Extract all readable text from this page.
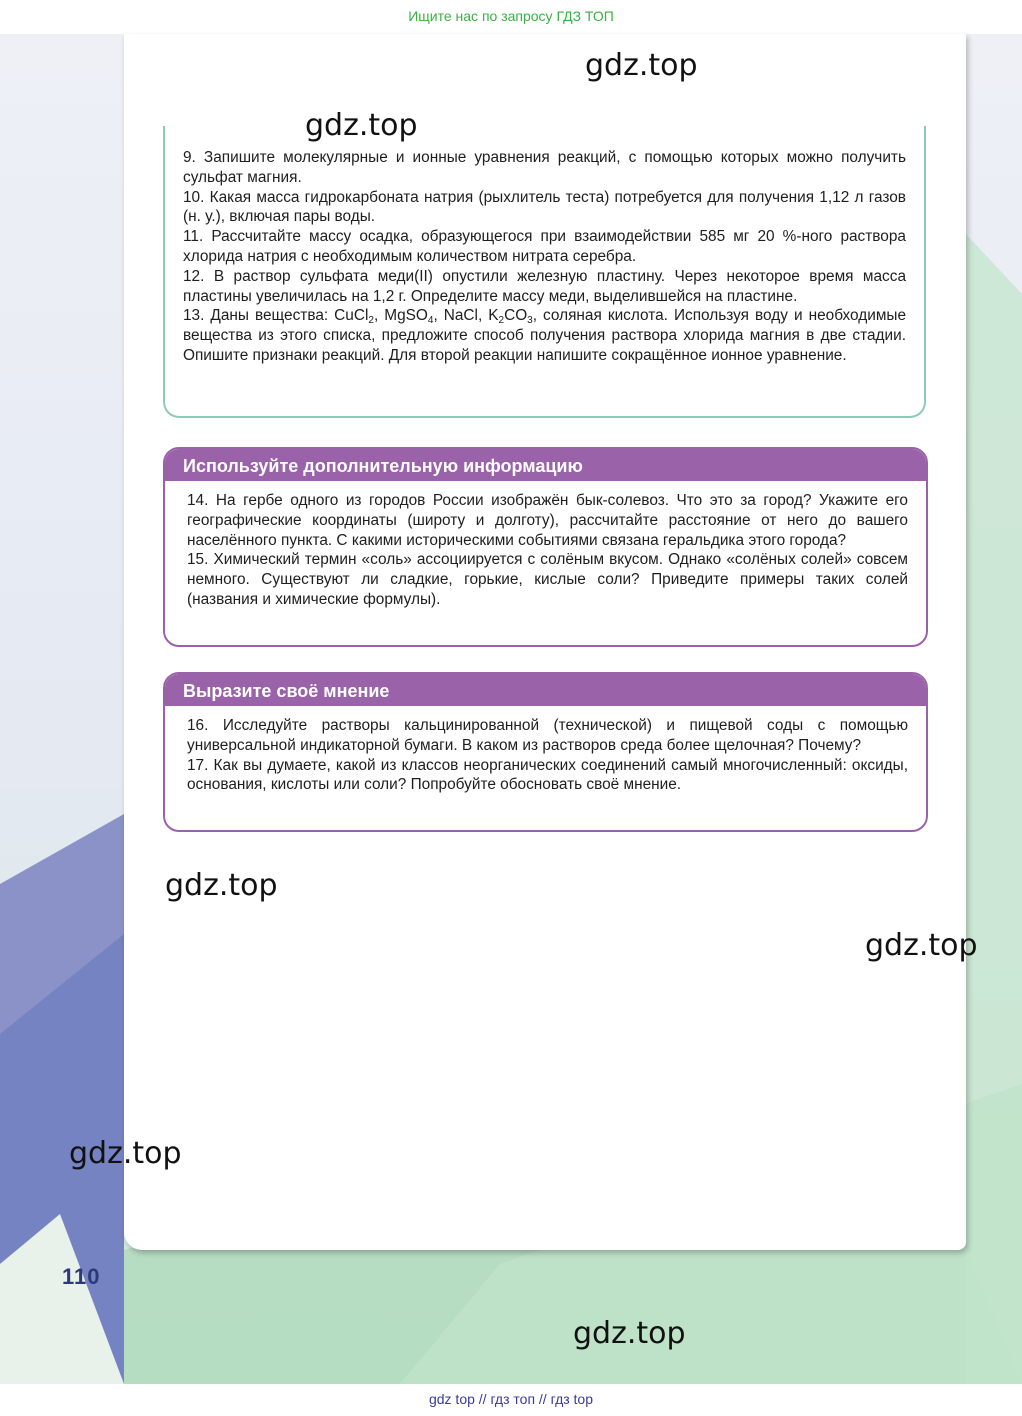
Ищите нас по запросу ГДЗ ТОП

9. Запишите молекулярные и ионные уравнения реакций, с помощью которых можно получить сульфат магния.

10. Какая масса гидрокарбоната натрия (рыхлитель теста) потребуется для получения 1,12 л газов (н. у.), включая пары воды.

11. Рассчитайте массу осадка, образующегося при взаимодействии 585 мг 20 %-ного раствора хлорида натрия с необходимым количеством нитрата серебра.

12. В раствор сульфата меди(II) опустили железную пластину. Через некоторое время масса пластины увеличилась на 1,2 г. Определите массу меди, выделившейся на пластине.

13. Даны вещества: CuCl$_2$, MgSO$_4$, NaCl, $K_2CO_3$, соляная кислота. Используя воду и необходимые вещества из этого списка, предложите способ получения раствора хлорида магния в две стадии. Опишите признаки реакций. Для второй реакции напишите сокращённое ионное уравнение.

Используйте дополнительную информацию

14. На гербе одного из городов России изображён бык-солевоз. Что это за город? Укажите его географические координаты (широту и долготу), рассчитайте расстояние от него до вашего населённого пункта. С какими историческими событиями связана геральдика этого города?

15. Химический термин «соль» ассоциируется с солёным вкусом. Однако «солёных солей» совсем немного. Существуют ли сладкие, горькие, кислые соли? Приведите примеры таких солей (названия и химические формулы).

Выразите своё мнение

16. Исследуйте растворы кальцинированной (технической) и пищевой соды с помощью универсальной индикаторной бумаги. В каком из растворов среда более щелочная? Почему?

17. Как вы думаете, какой из классов неорганических соединений самый многочисленный: оксиды, основания, кислоты или соли? Попробуйте обосновать своё мнение.

110
gdz.top
gdz.top
gdz.top
gdz.top
gdz.top
gdz.top
gdz top // гдз топ // гдз top
